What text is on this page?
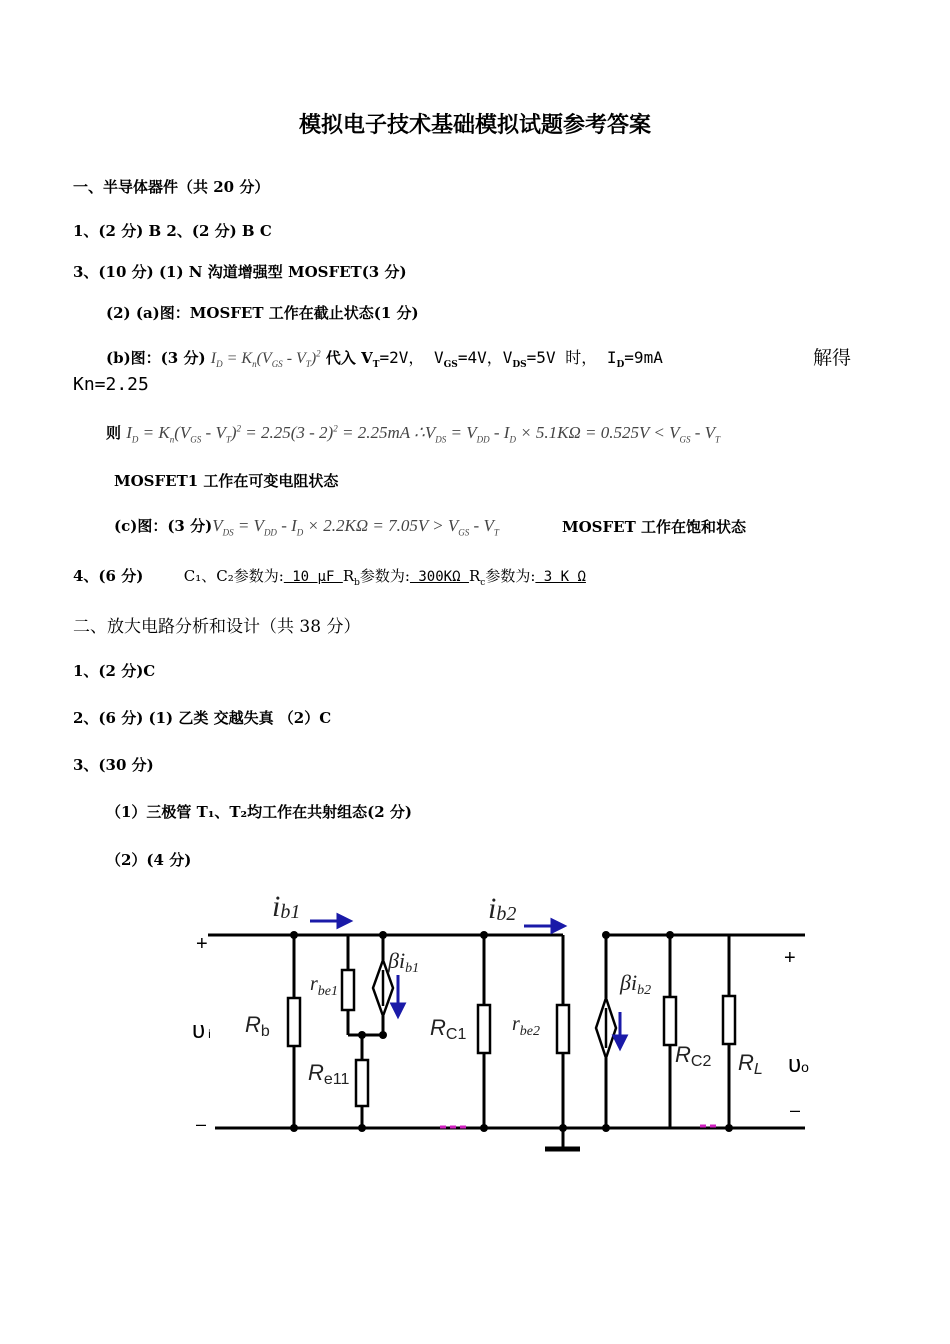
模拟电子技术基础模拟试题参考答案
一、半导体器件（共 20 分）
1、(2 分) B 2、(2 分) B C
3、(10 分) (1) N 沟道增强型 MOSFET(3 分)
(2) (a)图：MOSFET 工作在截止状态(1 分)
(b)图：(3 分) $I_D = K_n(V_{GS} - V_T)^2$ 代入 $V_T=2V$， $V_{GS}=4V$，$V_{DS}=5V$ 时， $I_D=9mA$	解得
Kn=2.25
则 $I_D = K_n(V_{GS} - V_T)^2 = 2.25(3 - 2)^2 = 2.25mA$ $\therefore V_{DS} = V_{DD} - I_D \times 5.1K\Omega = 0.525V < V_{GS} - V_T$
MOSFET1 工作在可变电阻状态
(c)图：(3 分)$V_{DS} = V_{DD} - I_D \times 2.2K\Omega = 7.05V > V_{GS} - V_T$	MOSFET 工作在饱和状态
4、(6 分)	C₁、C₂参数为: 10 μF $R_b$参数为: 300KΩ $R_c$参数为: 3 K Ω
二、放大电路分析和设计（共 38 分）
1、(2 分)C
2、(6 分) (1) 乙类 交越失真 （2）C
3、(30 分)
（1）三极管 T₁、T₂均工作在共射组态(2 分)
（2）(4 分)
ib1	ib2
$r_{be1}$
βib1
$r_{be2}$
βib2
Rb
Re11
RC1
RC2 RL
+
–
υi
+
–
υo
